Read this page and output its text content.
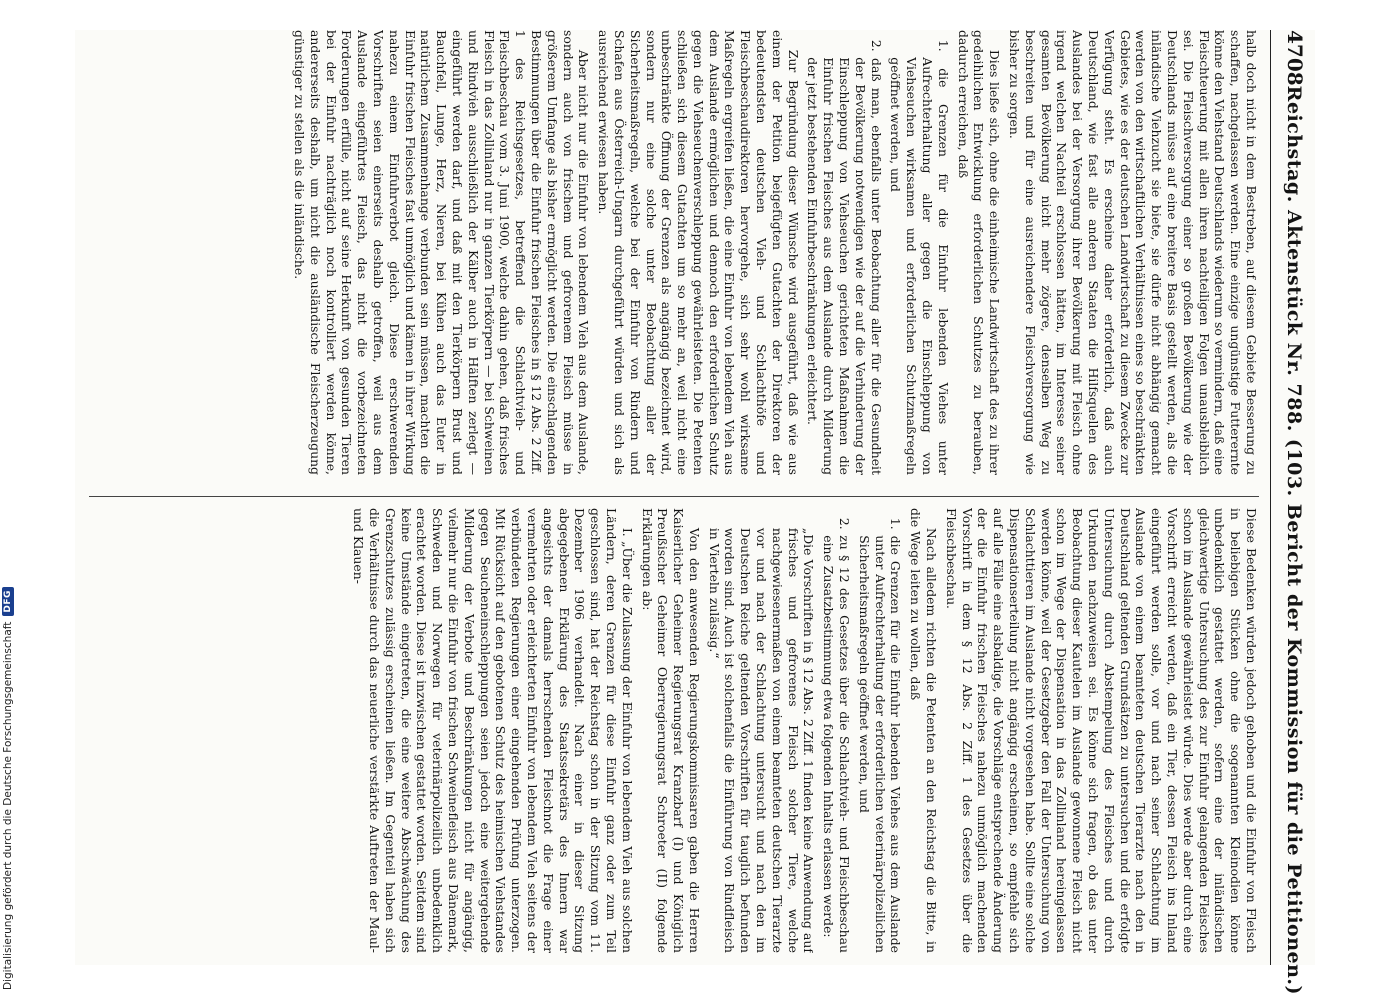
Digitalisierung gefördert durch die Deutsche Forschungsgemeinschaft
DFG
4708
Reichstag. Aktenstück Nr. 788. (103. Bericht der Kommission für die Petitionen.)

halb doch nicht in dem Bestreben, auf diesem Gebiete Besserung zu schaffen, nachgelassen werden. Eine einzige ungünstige Futterernte könne den Viehstand Deutschlands wiederum so vermindern, daß eine Fleischteuerung mit allen ihren nachteiligen Folgen unausbleiblich sei. Die Fleischversorgung einer so großen Bevölkerung wie der Deutschlands müsse auf eine breitere Basis gestellt werden, als die inländische Viehzucht sie biete, sie dürfe nicht abhängig gemacht werden von den wirtschaftlichen Verhältnissen eines so beschränkten Gebietes, wie es der deutschen Landwirtschaft zu diesem Zwecke zur Verfügung steht. Es erscheine daher erforderlich, daß auch Deutschland, wie fast alle anderen Staaten die Hilfsquellen des Auslandes bei der Versorgung ihrer Bevölkerung mit Fleisch ohne irgend welchen Nachteil erschlossen hätten, im Interesse seiner gesamten Bevölkerung nicht mehr zögere, denselben Weg zu beschreiten und für eine ausreichendere Fleischversorgung wie bisher zu sorgen.

Dies ließe sich, ohne die einheimische Landwirtschaft des zu ihrer gedeihlichen Entwicklung erforderlichen Schutzes zu berauben, dadurch erreichen, daß

1. die Grenzen für die Einfuhr lebenden Viehes unter Aufrechterhaltung aller gegen die Einschleppung von Viehseuchen wirksamen und erforderlichen Schutzmaßregeln geöffnet werden, und
2. daß man, ebenfalls unter Beobachtung aller für die Gesundheit der Bevölkerung notwendigen wie der auf die Verhinderung der Einschleppung von Viehseuchen gerichteten Maßnahmen die Einfuhr frischen Fleisches aus dem Auslande durch Milderung der jetzt bestehenden Einfuhrbeschränkungen erleichtert.

Zur Begründung dieser Wünsche wird ausgeführt, daß wie aus einem der Petition beigefügten Gutachten der Direktoren der bedeutendsten deutschen Vieh- und Schlachthöfe und Fleischbeschaudirektoren hervorgehe, sich sehr wohl wirksame Maßregeln ergreifen ließen, die eine Einfuhr von lebendem Vieh aus dem Auslande ermöglichen und dennoch den erforderlichen Schutz gegen die Viehseuchenverschleppung gewährleisteten. Die Petenten schließen sich diesem Gutachten um so mehr an, weil nicht eine unbeschränkte Öffnung der Grenzen als angängig bezeichnet wird, sondern nur eine solche unter Beobachtung aller der Sicherheitsmaßregeln, welche bei der Einfuhr von Rindern und Schafen aus Österreich-Ungarn durchgeführt würden und sich als ausreichend erwiesen haben.

Aber nicht nur die Einfuhr von lebendem Vieh aus dem Auslande, sondern auch von frischem und gefrorenem Fleisch müsse in größerem Umfange als bisher ermöglicht werden. Die einschlagenden Bestimmungen über die Einfuhr frischen Fleisches in § 12 Abs. 2 Ziff. 1 des Reichsgesetzes, betreffend die Schlachtvieh- und Fleischbeschau vom 3. Juni 1900, welche dahin gehen, daß frisches Fleisch in das Zollinland nur in ganzen Tierkörpern — bei Schweinen und Rindvieh ausschließlich der Kälber auch in Hälften zerlegt — eingeführt werden darf, und daß mit den Tierkörpern Brust und Bauchfell, Lunge, Herz, Nieren, bei Kühen auch das Euter in natürlichem Zusammenhange verbunden sein müssen, machten die Einfuhr frischen Fleisches fast unmöglich und kämen in ihrer Wirkung nahezu einem Einfuhrverbot gleich. Diese erschwerenden Vorschriften seien einerseits deshalb getroffen, weil aus dem Auslande eingeführtes Fleisch, das nicht die vorbezeichneten Forderungen erfülle, nicht auf seine Herkunft von gesunden Tieren bei der Einfuhr nachträglich noch kontrolliert werden könne, andererseits deshalb, um nicht die ausländische Fleischerzeugung günstiger zu stellen als die inländische.

Diese Bedenken würden jedoch gehoben und die Einfuhr von Fleisch in beliebigen Stücken ohne die sogenannten Kleinodien könne unbedenklich gestattet werden, sofern eine der inländischen gleichwertige Untersuchung des zur Einfuhr gelangenden Fleisches schon im Auslande gewährleistet würde. Dies werde aber durch eine Vorschrift erreicht werden, daß ein Tier, dessen Fleisch ins Inland eingeführt werden solle, vor und nach seiner Schlachtung im Auslande von einem beamteten deutschen Tierarzte nach den in Deutschland geltenden Grundsätzen zu untersuchen und die erfolgte Untersuchung durch Abstempelung des Fleisches und durch Urkunden nachzuweisen sei. Es könne sich fragen, ob das unter Beobachtung dieser Kautelen im Auslande gewonnene Fleisch nicht schon im Wege der Dispensation in das Zollinland hereingelassen werden könne, weil der Gesetzgeber den Fall der Untersuchung von Schlachttieren im Auslande nicht vorgesehen habe. Sollte eine solche Dispensationserteilung nicht angängig erscheinen, so empfehle sich auf alle Fälle eine alsbaldige, die Vorschläge entsprechende Änderung der die Einfuhr frischen Fleisches nahezu unmöglich machenden Vorschrift in dem § 12 Abs. 2 Ziff. 1 des Gesetzes über die Fleischbeschau.

Nach alledem richten die Petenten an den Reichstag die Bitte, in die Wege leiten zu wollen, daß

1. die Grenzen für die Einfuhr lebenden Viehes aus dem Auslande unter Aufrechterhaltung der erforderlichen veterinärpolizeilichen Sicherheitsmaßregeln geöffnet werden, und
2. zu § 12 des Gesetzes über die Schlachtvieh- und Fleischbeschau eine Zusatzbestimmung etwa folgenden Inhalts erlassen werde:
„Die Vorschriften in § 12 Abs. 2 Ziff. 1 finden keine Anwendung auf frisches und gefrorenes Fleisch solcher Tiere, welche nachgewiesenermaßen von einem beamteten deutschen Tierarzte vor und nach der Schlachtung untersucht und nach den im Deutschen Reiche geltenden Vorschriften für tauglich befunden worden sind. Auch ist solchenfalls die Einführung von Rindfleisch in Vierteln zulässig.“

Von den anwesenden Regierungskommissaren gaben die Herren Kaiserlicher Geheimer Regierungsrat Kranzbarf (I) und Königlich Preußischer Geheimer Oberregierungsrat Schroeter (II) folgende Erklärungen ab:

I. „Über die Zulassung der Einfuhr von lebendem Vieh aus solchen Ländern, deren Grenzen für diese Einfuhr ganz oder zum Teil geschlossen sind, hat der Reichstag schon in der Sitzung vom 11. Dezember 1906 verhandelt. Nach einer in dieser Sitzung abgegebenen Erklärung des Staatssekretärs des Innern war angesichts der damals herrschenden Fleischnot die Frage einer vermehrten oder erleichterten Einfuhr von lebendem Vieh seitens der verbündeten Regierungen einer eingehenden Prüfung unterzogen. Mit Rücksicht auf den gebotenen Schutz des heimischen Viehstandes gegen Seucheneinschleppungen seien jedoch eine weitergehende Milderung der Verbote und Beschränkungen nicht für angängig, vielmehr nur die Einfuhr von frischen Schweinefleisch aus Dänemark, Schweden und Norwegen für veterinärpolizeilich unbedenklich erachtet worden. Diese ist inzwischen gestattet worden. Seitdem sind keine Umstände eingetreten, die eine weitere Abschwächung des Grenzschutzes zulässig erscheinen ließen. Im Gegenteil haben sich die Verhältnisse durch das neuerliche verstärkte Auftreten der Maul- und Klauen-
